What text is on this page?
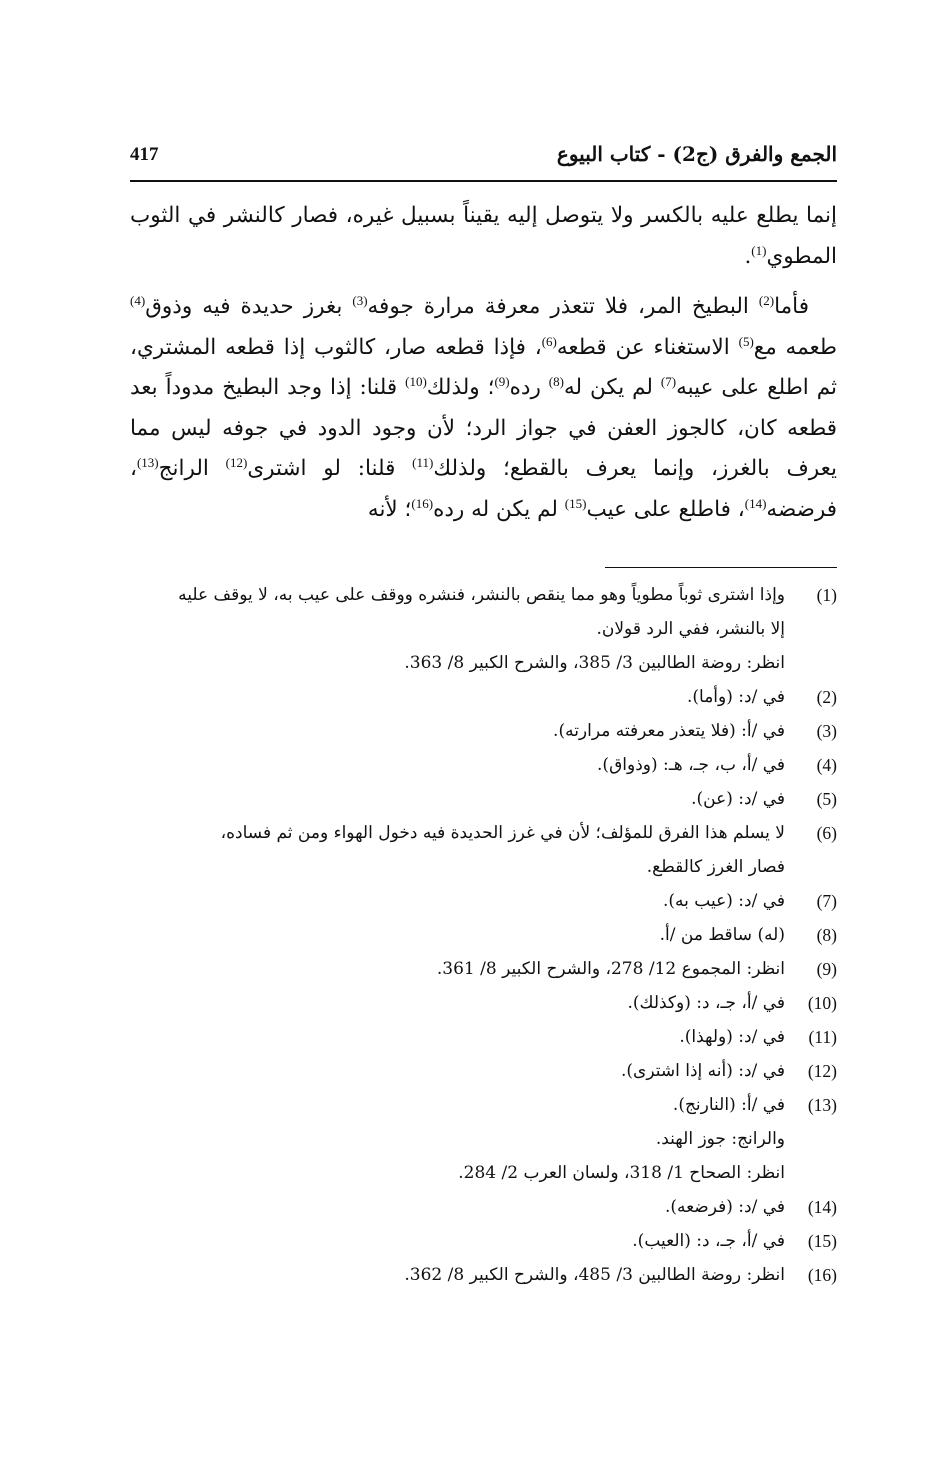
الجمع والفرق (ج2) - كتاب البيوع
417

إنما يطلع عليه بالكسر ولا يتوصل إليه يقيناً بسبيل غيره، فصار كالنشر في الثوب المطوي$^{(1)}$.

فأما$^{(2)}$ البطيخ المر، فلا تتعذر معرفة مرارة جوفه$^{(3)}$ بغرز حديدة فيه وذوق$^{(4)}$ طعمه مع$^{(5)}$ الاستغناء عن قطعه$^{(6)}$، فإذا قطعه صار، كالثوب إذا قطعه المشتري، ثم اطلع على عيبه$^{(7)}$ لم يكن له$^{(8)}$ رده$^{(9)}$؛ ولذلك$^{(10)}$ قلنا: إذا وجد البطيخ مدوداً بعد قطعه كان، كالجوز العفن في جواز الرد؛ لأن وجود الدود في جوفه ليس مما يعرف بالغرز، وإنما يعرف بالقطع؛ ولذلك$^{(11)}$ قلنا: لو اشترى$^{(12)}$ الرانج$^{(13)}$، فرضضه$^{(14)}$، فاطلع على عيب$^{(15)}$ لم يكن له رده$^{(16)}$؛ لأنه

(1)
وإذا اشترى ثوباً مطوياً وهو مما ينقص بالنشر، فنشره ووقف على عيب به، لا يوقف عليه
إلا بالنشر، ففي الرد قولان.
انظر: روضة الطالبين 3/ 385، والشرح الكبير 8/ 363.
(2)
في /د: (وأما).
(3)
في /أ: (فلا يتعذر معرفته مرارته).
(4)
في /أ، ب، جـ، هـ: (وذواق).
(5)
في /د: (عن).
(6)
لا يسلم هذا الفرق للمؤلف؛ لأن في غرز الحديدة فيه دخول الهواء ومن ثم فساده،
فصار الغرز كالقطع.
(7)
في /د: (عيب به).
(8)
(له) ساقط من /أ.
(9)
انظر: المجموع 12/ 278، والشرح الكبير 8/ 361.
(10)
في /أ، جـ، د: (وكذلك).
(11)
في /د: (ولهذا).
(12)
في /د: (أنه إذا اشترى).
(13)
في /أ: (النارنج).
والرانج: جوز الهند.
انظر: الصحاح 1/ 318، ولسان العرب 2/ 284.
(14)
في /د: (فرضعه).
(15)
في /أ، جـ، د: (العيب).
(16)
انظر: روضة الطالبين 3/ 485، والشرح الكبير 8/ 362.
